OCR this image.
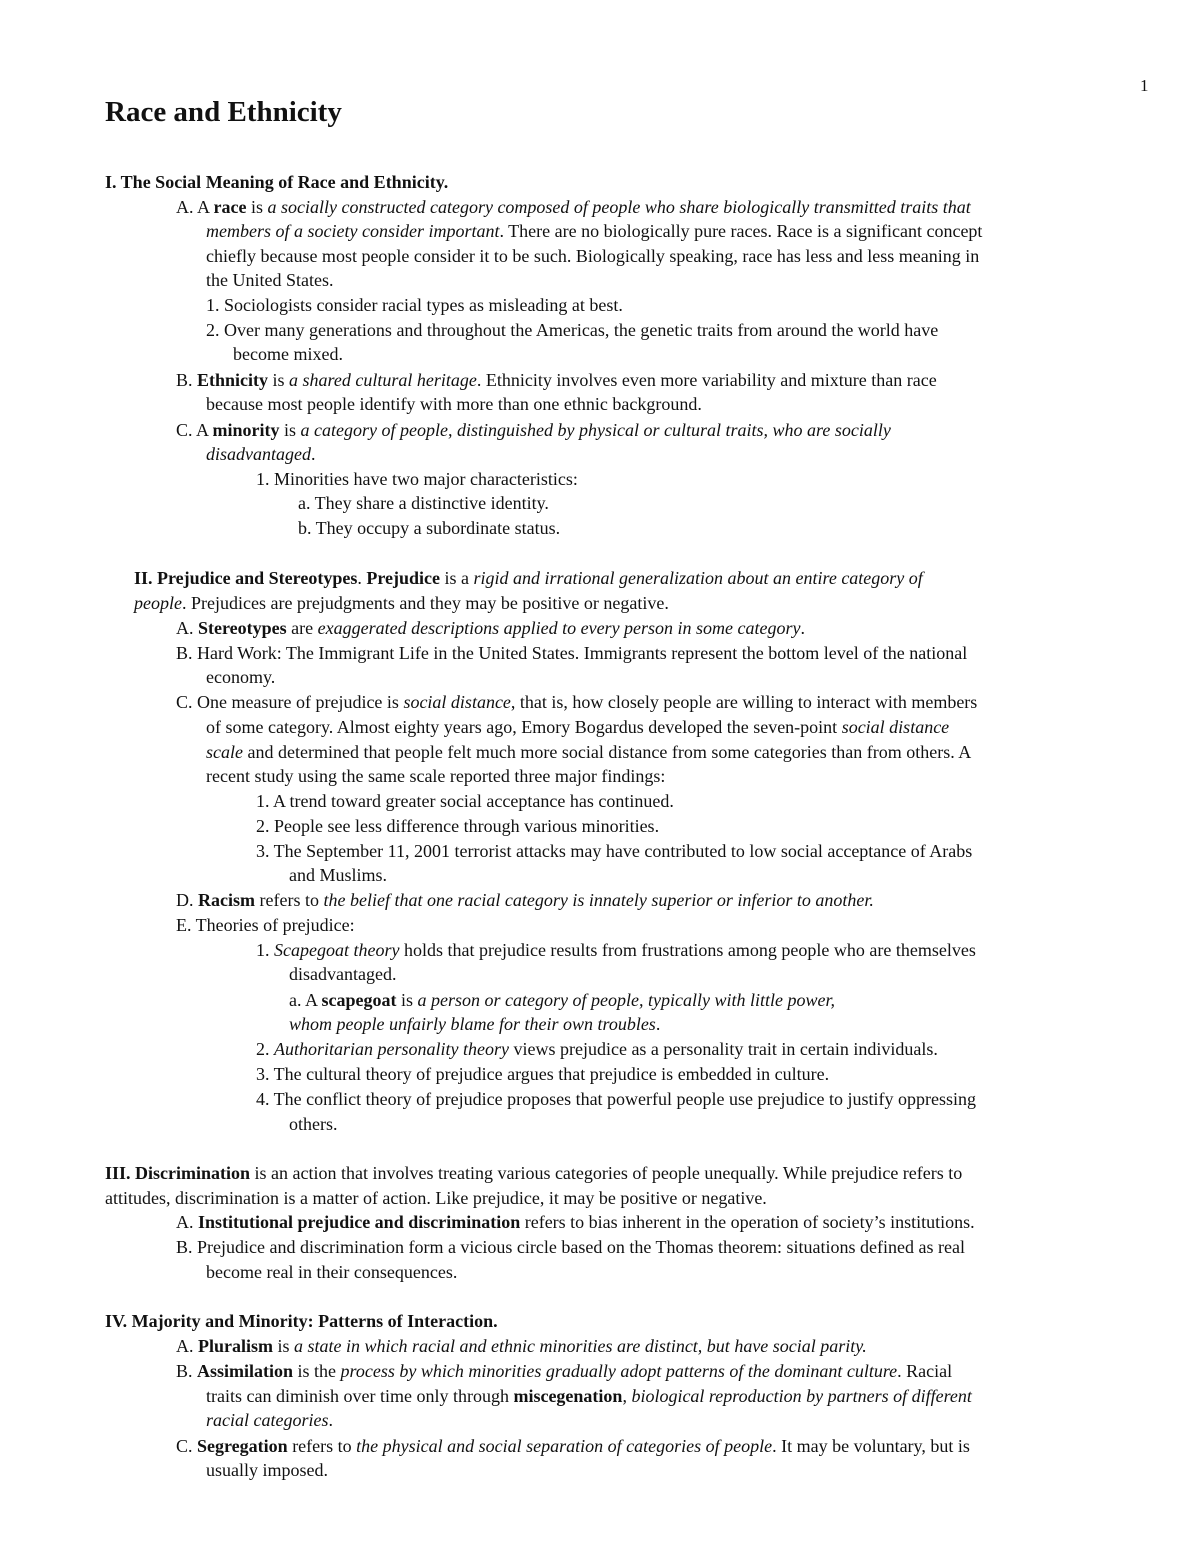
1
Race and Ethnicity
I. The Social Meaning of Race and Ethnicity.
A. A race is a socially constructed category composed of people who share biologically transmitted traits that
members of a society consider important. There are no biologically pure races. Race is a significant concept
chiefly because most people consider it to be such. Biologically speaking, race has less and less meaning in
the United States.
1. Sociologists consider racial types as misleading at best.
2. Over many generations and throughout the Americas, the genetic traits from around the world have
become mixed.
B. Ethnicity is a shared cultural heritage. Ethnicity involves even more variability and mixture than race
because most people identify with more than one ethnic background.
C. A minority is a category of people, distinguished by physical or cultural traits, who are socially
disadvantaged.
1. Minorities have two major characteristics:
a. They share a distinctive identity.
b. They occupy a subordinate status.
II. Prejudice and Stereotypes. Prejudice is a rigid and irrational generalization about an entire category of
people. Prejudices are prejudgments and they may be positive or negative.
A. Stereotypes are exaggerated descriptions applied to every person in some category.
B. Hard Work: The Immigrant Life in the United States. Immigrants represent the bottom level of the national
economy.
C. One measure of prejudice is social distance, that is, how closely people are willing to interact with members
of some category. Almost eighty years ago, Emory Bogardus developed the seven-point social distance
scale and determined that people felt much more social distance from some categories than from others. A
recent study using the same scale reported three major findings:
1. A trend toward greater social acceptance has continued.
2. People see less difference through various minorities.
3. The September 11, 2001 terrorist attacks may have contributed to low social acceptance of Arabs
and Muslims.
D. Racism refers to the belief that one racial category is innately superior or inferior to another.
E. Theories of prejudice:
1. Scapegoat theory holds that prejudice results from frustrations among people who are themselves
disadvantaged.
a. A scapegoat is a person or category of people, typically with little power,
whom people unfairly blame for their own troubles.
2. Authoritarian personality theory views prejudice as a personality trait in certain individuals.
3. The cultural theory of prejudice argues that prejudice is embedded in culture.
4. The conflict theory of prejudice proposes that powerful people use prejudice to justify oppressing
others.
III. Discrimination is an action that involves treating various categories of people unequally. While prejudice refers to
attitudes, discrimination is a matter of action. Like prejudice, it may be positive or negative.
A. Institutional prejudice and discrimination refers to bias inherent in the operation of society’s institutions.
B. Prejudice and discrimination form a vicious circle based on the Thomas theorem: situations defined as real
become real in their consequences.
IV. Majority and Minority: Patterns of Interaction.
A. Pluralism is a state in which racial and ethnic minorities are distinct, but have social parity.
B. Assimilation is the process by which minorities gradually adopt patterns of the dominant culture. Racial
traits can diminish over time only through miscegenation, biological reproduction by partners of different
racial categories.
C. Segregation refers to the physical and social separation of categories of people. It may be voluntary, but is
usually imposed.
